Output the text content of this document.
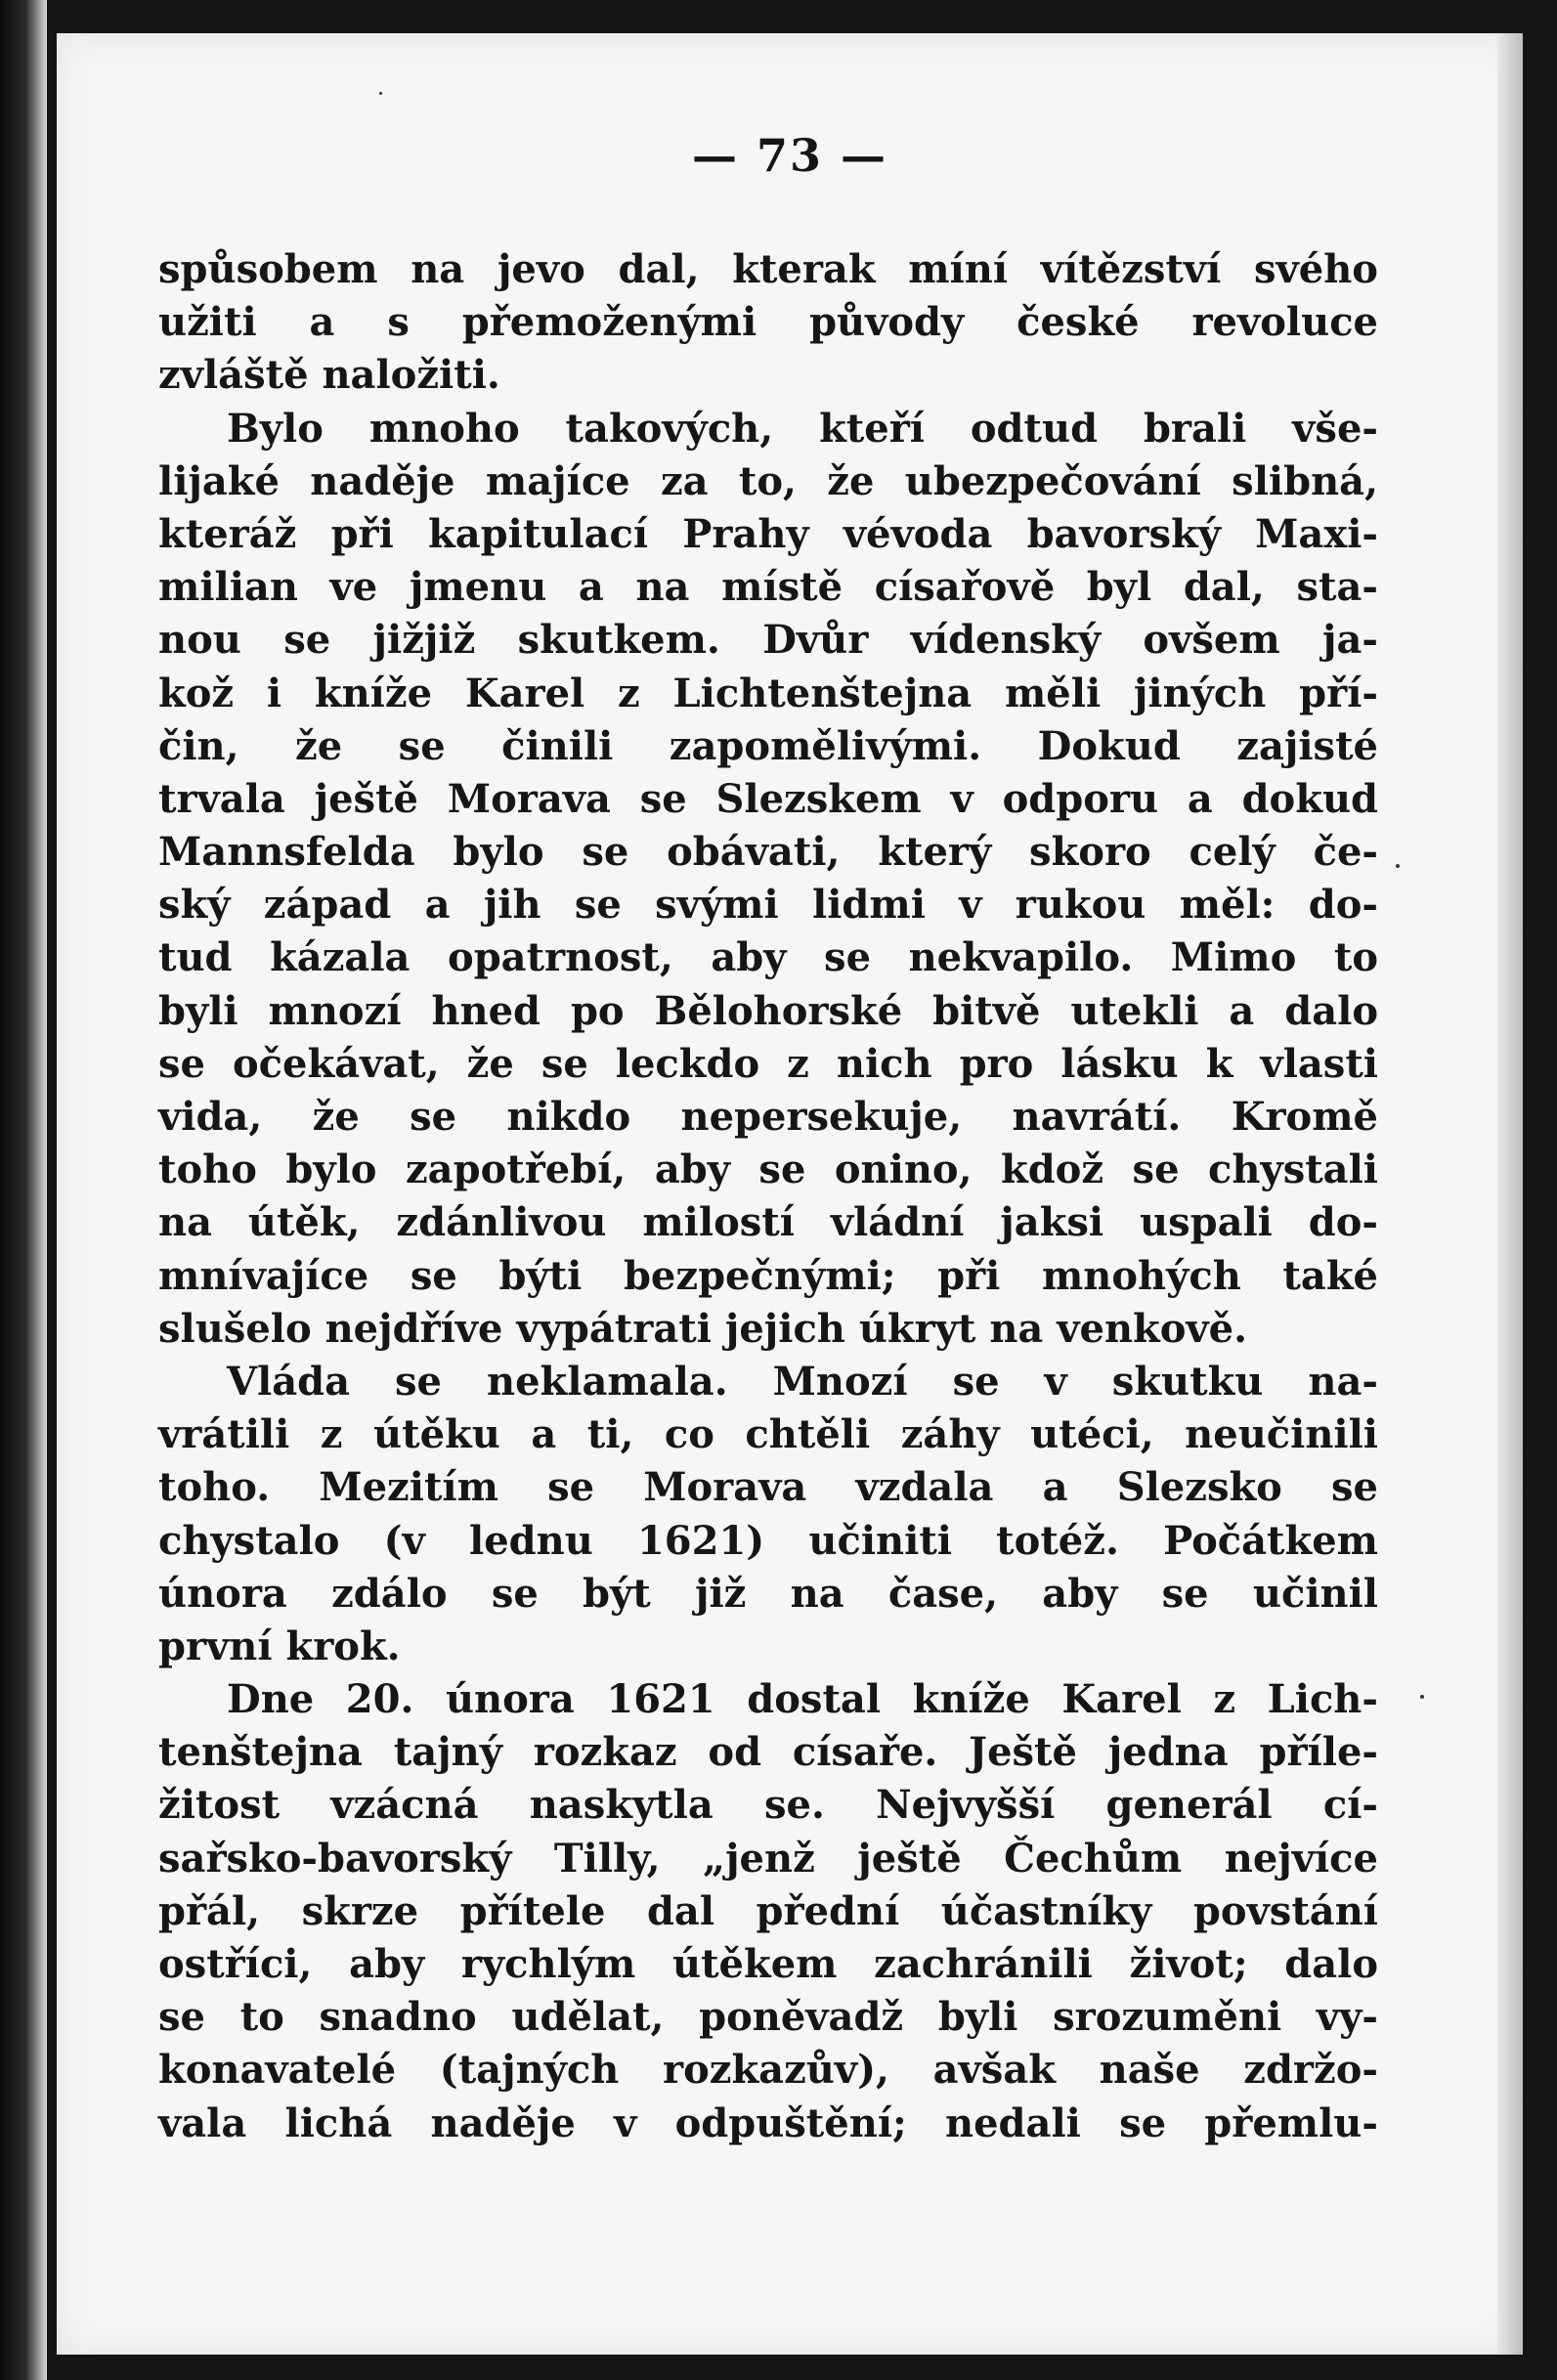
— 73 —
spůsobem na jevo dal, kterak míní vítězství svého
užiti a s přemoženými původy české revoluce
zvláště naložiti.
Bylo mnoho takových, kteří odtud brali vše-
lijaké naděje majíce za to, že ubezpečování slibná,
kteráž při kapitulací Prahy vévoda bavorský Maxi-
milian ve jmenu a na místě císařově byl dal, sta-
nou se jižjiž skutkem. Dvůr vídenský ovšem ja-
kož i kníže Karel z Lichtenštejna měli jiných pří-
čin, že se činili zapomělivými. Dokud zajisté
trvala ještě Morava se Slezskem v odporu a dokud
Mannsfelda bylo se obávati, který skoro celý če-
ský západ a jih se svými lidmi v rukou měl: do-
tud kázala opatrnost, aby se nekvapilo. Mimo to
byli mnozí hned po Bělohorské bitvě utekli a dalo
se očekávat, že se leckdo z nich pro lásku k vlasti
vida, že se nikdo nepersekuje, navrátí. Kromě
toho bylo zapotřebí, aby se onino, kdož se chystali
na útěk, zdánlivou milostí vládní jaksi uspali do-
mnívajíce se býti bezpečnými; při mnohých také
slušelo nejdříve vypátrati jejich úkryt na venkově.
Vláda se neklamala. Mnozí se v skutku na-
vrátili z útěku a ti, co chtěli záhy utéci, neučinili
toho. Mezitím se Morava vzdala a Slezsko se
chystalo (v lednu 1621) učiniti totéž. Počátkem
února zdálo se být již na čase, aby se učinil
první krok.
Dne 20. února 1621 dostal kníže Karel z Lich-
tenštejna tajný rozkaz od císaře. Ještě jedna příle-
žitost vzácná naskytla se. Nejvyšší generál cí-
sařsko-bavorský Tilly, „jenž ještě Čechům nejvíce
přál, skrze přítele dal přední účastníky povstání
ostříci, aby rychlým útěkem zachránili život; dalo
se to snadno udělat, poněvadž byli srozuměni vy-
konavatelé (tajných rozkazův), avšak naše zdržo-
vala lichá naděje v odpuštění; nedali se přemlu-
